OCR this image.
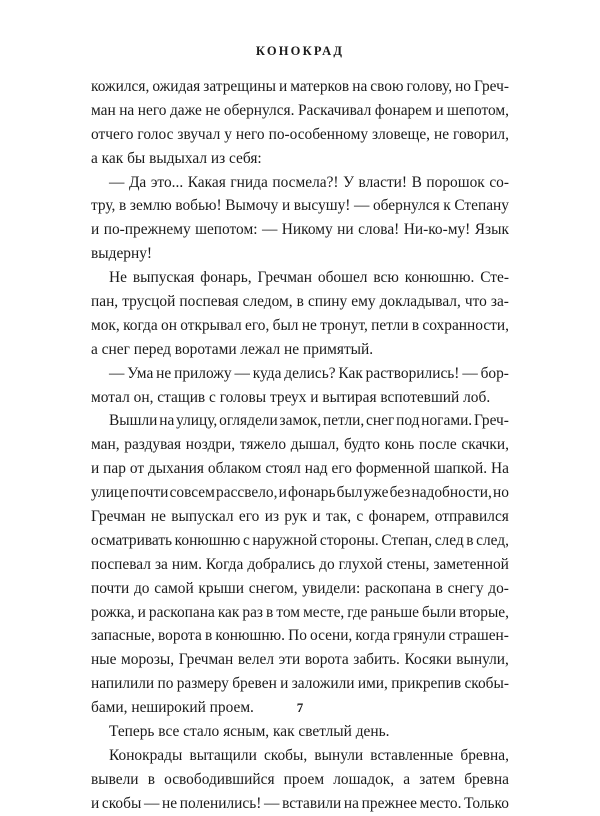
КОНОКРАД
кожился, ожидая затрещины и матерков на свою голову, но Греч-
ман на него даже не обернулся. Раскачивал фонарем и шепотом,
отчего голос звучал у него по-особенному зловеще, не говорил,
а как бы выдыхал из себя:
— Да это... Какая гнида посмела?! У власти! В порошок со-
тру, в землю вобью! Вымочу и высушу! — обернулся к Степану
и по-прежнему шепотом: — Никому ни слова! Ни-ко-му! Язык
выдерну!
Не выпуская фонарь, Гречман обошел всю конюшню. Сте-
пан, трусцой поспевая следом, в спину ему докладывал, что за-
мок, когда он открывал его, был не тронут, петли в сохранности,
а снег перед воротами лежал не примятый.
— Ума не приложу — куда делись? Как растворились! — бор-
мотал он, стащив с головы треух и вытирая вспотевший лоб.
Вышли на улицу, оглядели замок, петли, снег под ногами. Греч-
ман, раздувая ноздри, тяжело дышал, будто конь после скачки,
и пар от дыхания облаком стоял над его форменной шапкой. На
улице почти совсем рассвело, и фонарь был уже без надобности, но
Гречман не выпускал его из рук и так, с фонарем, отправился
осматривать конюшню с наружной стороны. Степан, след в след,
поспевал за ним. Когда добрались до глухой стены, заметенной
почти до самой крыши снегом, увидели: раскопана в снегу до-
рожка, и раскопана как раз в том месте, где раньше были вторые,
запасные, ворота в конюшню. По осени, когда грянули страшен-
ные морозы, Гречман велел эти ворота забить. Косяки вынули,
напилили по размеру бревен и заложили ими, прикрепив скобы-
бами, неширокий проем.
Теперь все стало ясным, как светлый день.
Конокрады вытащили скобы, вынули вставленные бревна,
вывели в освободившийся проем лошадок, а затем бревна
и скобы — не поленились! — вставили на прежнее место. Только
7
